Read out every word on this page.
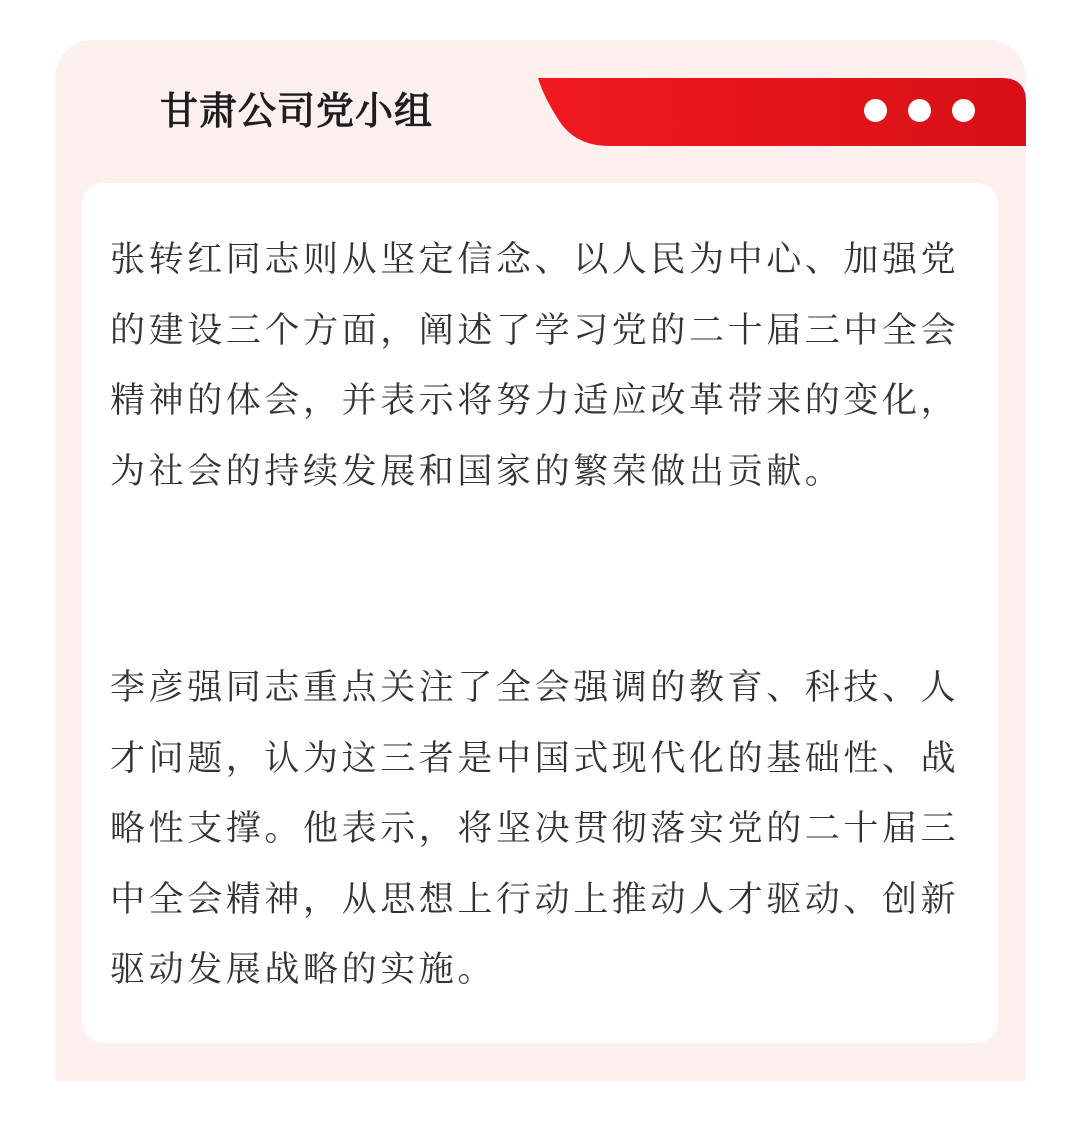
甘肃公司党小组

张转红同志则从坚定信念、以人民为中心、加强党的建设三个方面，阐述了学习党的二十届三中全会精神的体会，并表示将努力适应改革带来的变化，为社会的持续发展和国家的繁荣做出贡献。

李彦强同志重点关注了全会强调的教育、科技、人才问题，认为这三者是中国式现代化的基础性、战略性支撑。他表示，将坚决贯彻落实党的二十届三中全会精神，从思想上行动上推动人才驱动、创新驱动发展战略的实施。
